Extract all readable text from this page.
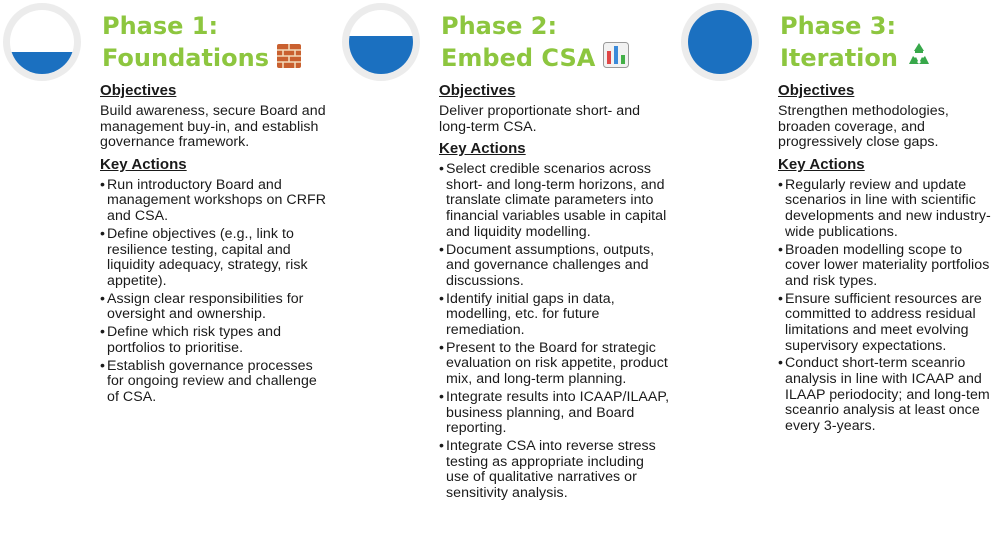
Phase 1:
Foundations
Objectives
Build awareness, secure Board and management buy-in, and establish governance framework.
Key Actions
• Run introductory Board and management workshops on CRFR and CSA.
• Define objectives (e.g., link to resilience testing, capital and liquidity adequacy, strategy, risk appetite).
• Assign clear responsibilities for oversight and ownership.
• Define which risk types and portfolios to prioritise.
• Establish governance processes for ongoing review and challenge of CSA.
Phase 2:
Embed CSA
Objectives
Deliver proportionate short- and long-term CSA.
Key Actions
• Select credible scenarios across short- and long-term horizons, and translate climate parameters into financial variables usable in capital and liquidity modelling.
• Document assumptions, outputs, and governance challenges and discussions.
• Identify initial gaps in data, modelling, etc. for future remediation.
• Present to the Board for strategic evaluation on risk appetite, product mix, and long-term planning.
• Integrate results into ICAAP/ILAAP, business planning, and Board reporting.
• Integrate CSA into reverse stress testing as appropriate including use of qualitative narratives or sensitivity analysis.
Phase 3:
Iteration
Objectives
Strengthen methodologies, broaden coverage, and progressively close gaps.
Key Actions
• Regularly review and update scenarios in line with scientific developments and new industry-wide publications.
• Broaden modelling scope to cover lower materiality portfolios and risk types.
• Ensure sufficient resources are committed to address residual limitations and meet evolving supervisory expectations.
• Conduct short-term sceanrio analysis in line with ICAAP and ILAAP periodocity; and long-tem sceanrio analysis at least once every 3-years.
